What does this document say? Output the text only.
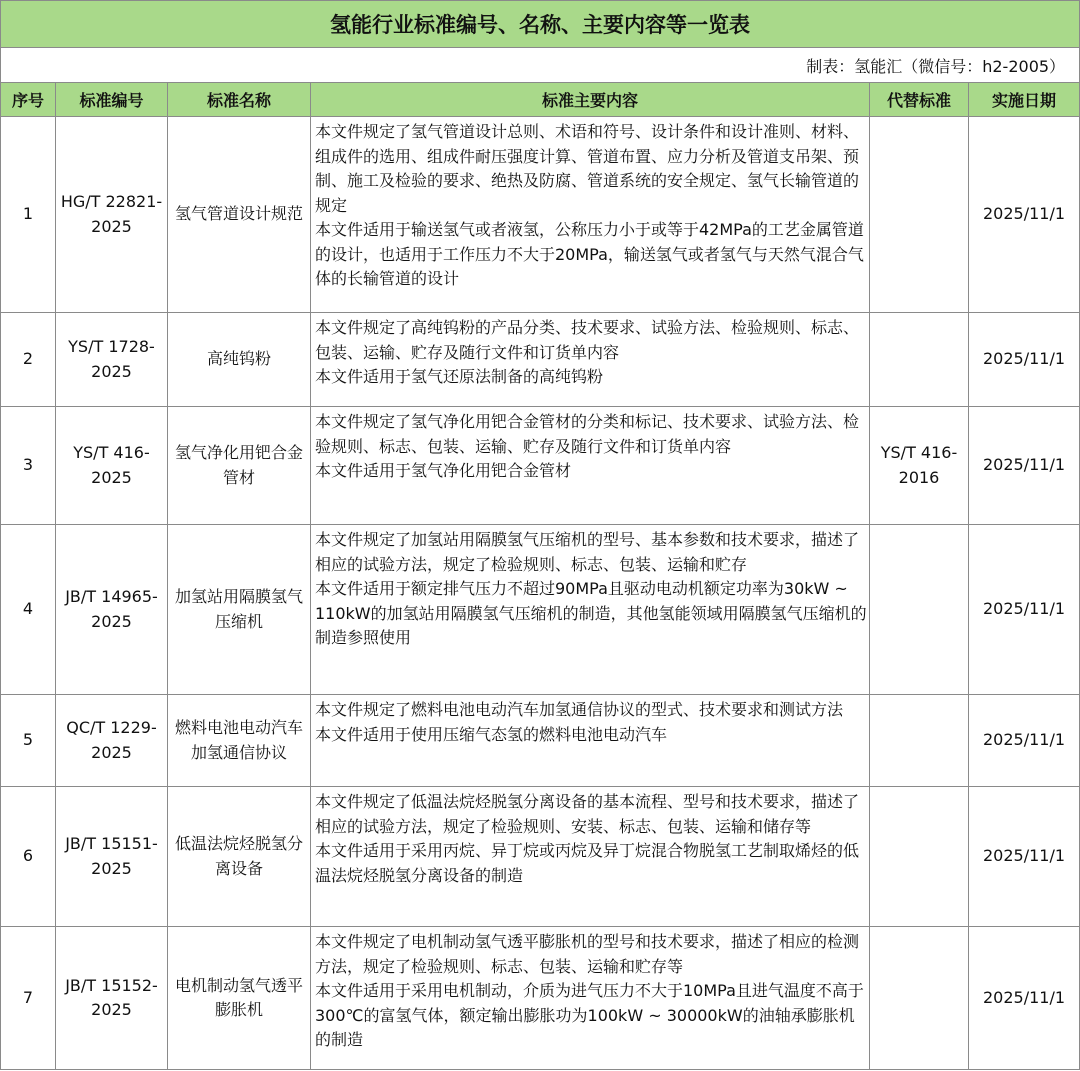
氢能行业标准编号、名称、主要内容等一览表					
制表：氢能汇（微信号：h2-2005）					
序号	标准编号	标准名称	标准主要内容	代替标准	实施日期
1	HG/T 22821-2025	氢气管道设计规范	本文件规定了氢气管道设计总则、术语和符号、设计条件和设计准则、材料、组成件的选用、组成件耐压强度计算、管道布置、应力分析及管道支吊架、预制、施工及检验的要求、绝热及防腐、管道系统的安全规定、氢气长输管道的规定
本文件适用于输送氢气或者液氢，公称压力小于或等于42MPa的工艺金属管道的设计，也适用于工作压力不大于20MPa，输送氢气或者氢气与天然气混合气体的长输管道的设计		2025/11/1
2	YS/T 1728-2025	高纯钨粉	本文件规定了高纯钨粉的产品分类、技术要求、试验方法、检验规则、标志、包装、运输、贮存及随行文件和订货单内容
本文件适用于氢气还原法制备的高纯钨粉		2025/11/1
3	YS/T 416-2025	氢气净化用钯合金管材	本文件规定了氢气净化用钯合金管材的分类和标记、技术要求、试验方法、检验规则、标志、包装、运输、贮存及随行文件和订货单内容
本文件适用于氢气净化用钯合金管材	YS/T 416-2016	2025/11/1
4	JB/T 14965-2025	加氢站用隔膜氢气压缩机	本文件规定了加氢站用隔膜氢气压缩机的型号、基本参数和技术要求，描述了相应的试验方法，规定了检验规则、标志、包装、运输和贮存
本文件适用于额定排气压力不超过90MPa且驱动电动机额定功率为30kW ~ 110kW的加氢站用隔膜氢气压缩机的制造，其他氢能领域用隔膜氢气压缩机的制造参照使用		2025/11/1
5	QC/T 1229-2025	燃料电池电动汽车 加氢通信协议	本文件规定了燃料电池电动汽车加氢通信协议的型式、技术要求和测试方法
本文件适用于使用压缩气态氢的燃料电池电动汽车		2025/11/1
6	JB/T 15151-2025	低温法烷烃脱氢分离设备	本文件规定了低温法烷烃脱氢分离设备的基本流程、型号和技术要求，描述了相应的试验方法，规定了检验规则、安装、标志、包装、运输和储存等
本文件适用于采用丙烷、异丁烷或丙烷及异丁烷混合物脱氢工艺制取烯烃的低温法烷烃脱氢分离设备的制造		2025/11/1
7	JB/T 15152-2025	电机制动氢气透平膨胀机	本文件规定了电机制动氢气透平膨胀机的型号和技术要求，描述了相应的检测方法，规定了检验规则、标志、包装、运输和贮存等
本文件适用于采用电机制动，介质为进气压力不大于10MPa且进气温度不高于300℃的富氢气体，额定输出膨胀功为100kW ~ 30000kW的油轴承膨胀机的制造		2025/11/1
